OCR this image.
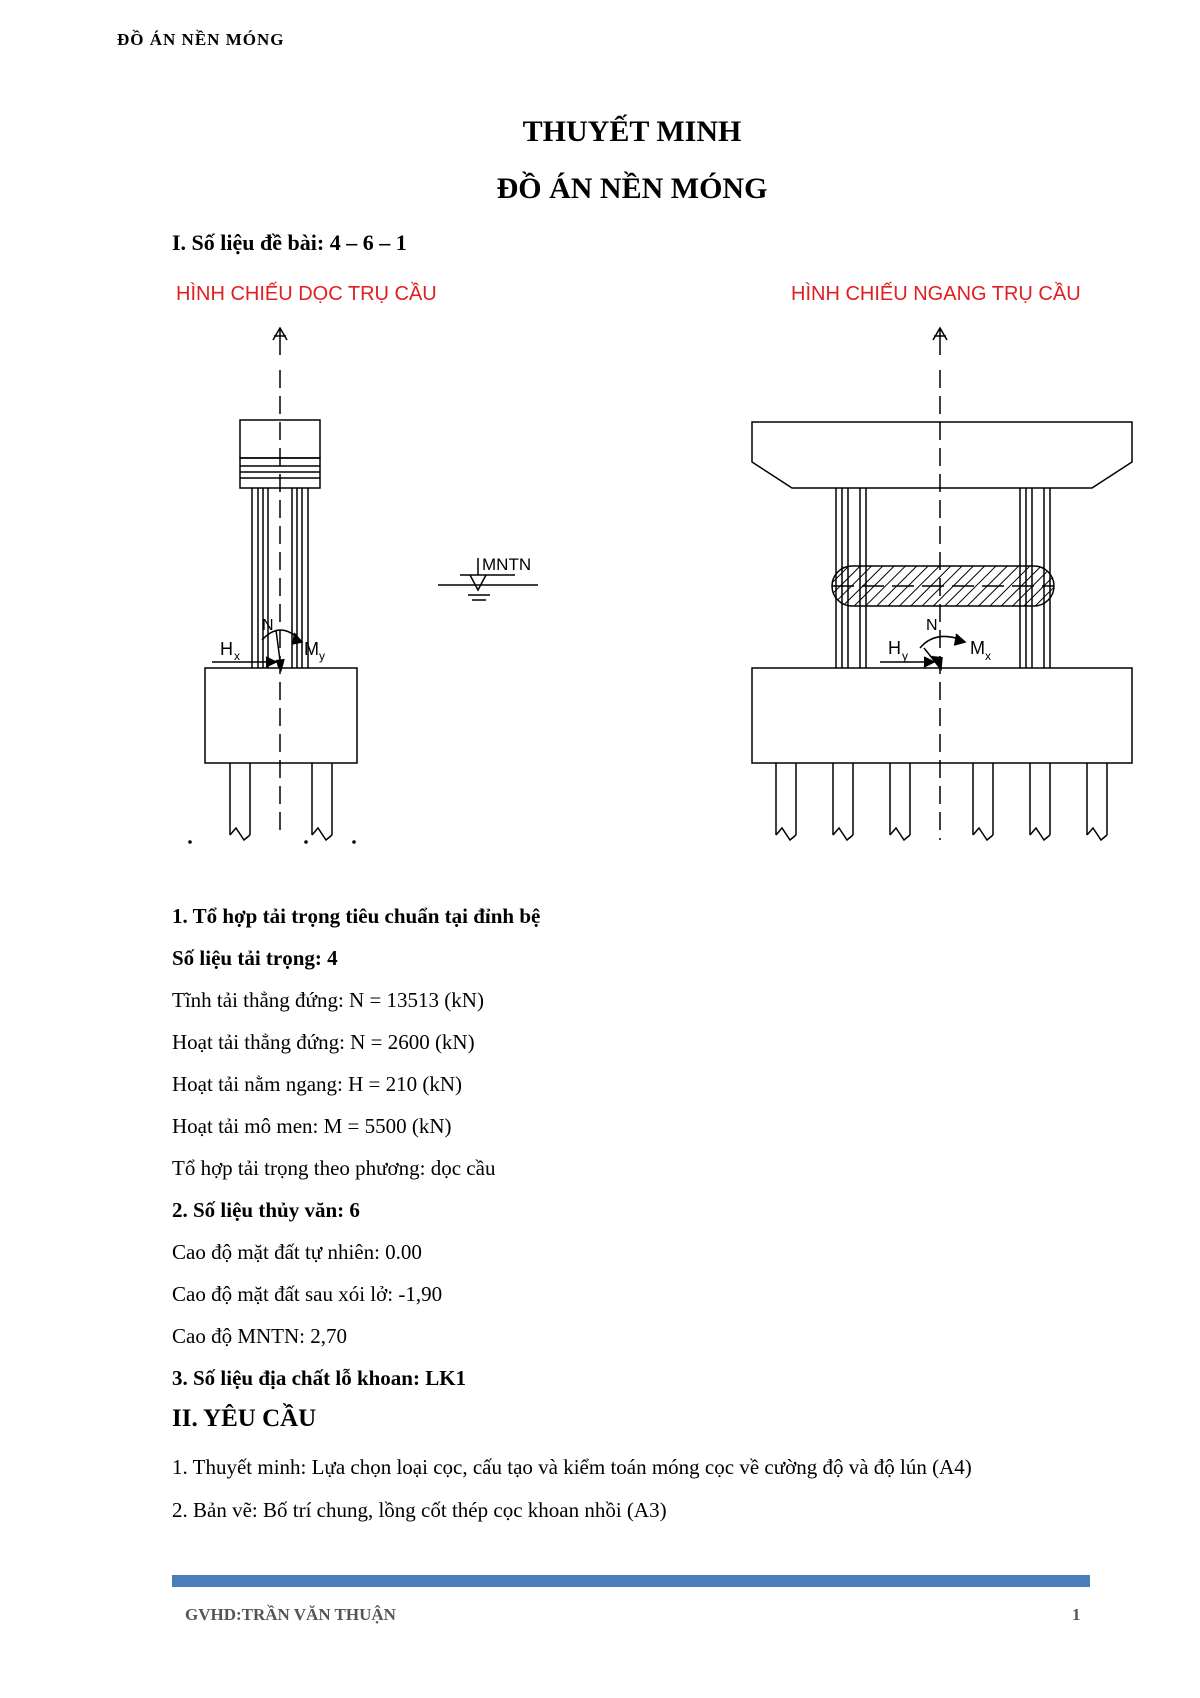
ĐỒ ÁN NỀN MÓNG
THUYẾT MINH
ĐỒ ÁN NỀN MÓNG
I. Số liệu đề bài: 4 – 6 – 1
HÌNH CHIẾU DỌC TRỤ CẦU	HÌNH CHIẾU NGANG TRỤ CẦU
H x
N
M y
MNTN
H y
N
M x
1. Tổ hợp tải trọng tiêu chuẩn tại đỉnh bệ
Số liệu tải trọng: 4
Tĩnh tải thẳng đứng: N = 13513 (kN)
Hoạt tải thẳng đứng: N = 2600 (kN)
Hoạt tải nằm ngang: H = 210 (kN)
Hoạt tải mô men: M = 5500 (kN)
Tổ hợp tải trọng theo phương: dọc cầu
2. Số liệu thủy văn: 6
Cao độ mặt đất tự nhiên: 0.00
Cao độ mặt đất sau xói lở: -1,90
Cao độ MNTN: 2,70
3. Số liệu địa chất lỗ khoan: LK1
II. YÊU CẦU
1. Thuyết minh: Lựa chọn loại cọc, cấu tạo và kiểm toán móng cọc về cường độ và độ lún (A4)
2. Bản vẽ: Bố trí chung, lồng cốt thép cọc khoan nhồi (A3)
GVHD:TRẦN VĂN THUẬN	1
